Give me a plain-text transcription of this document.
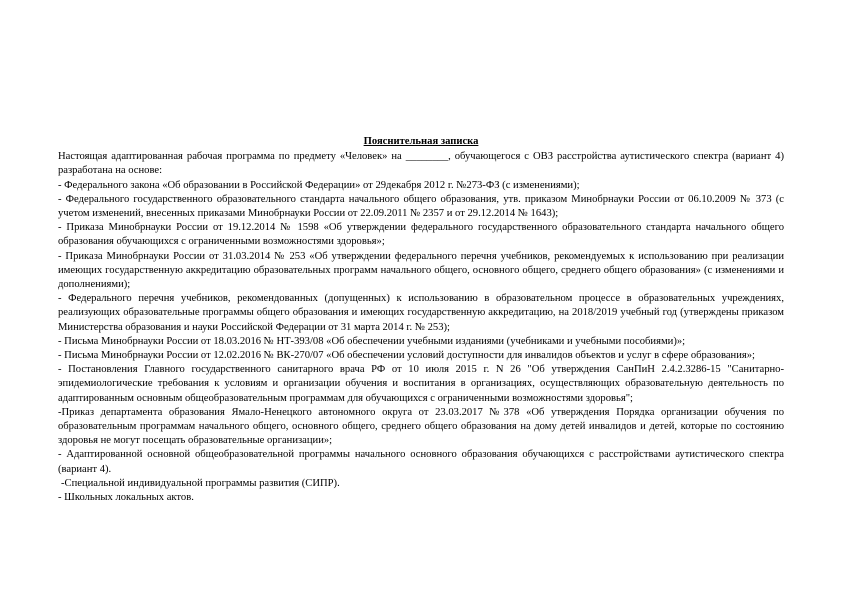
Пояснительная записка

Настоящая адаптированная рабочая программа по предмету «Человек» на ________, обучающегося с ОВЗ расстройства аутистического спектра (вариант 4) разработана на основе:

- Федерального закона «Об образовании в Российской Федерации» от 29декабря 2012 г. №273-ФЗ (с изменениями);

- Федерального государственного образовательного стандарта начального общего образования, утв. приказом Минобрнауки России от 06.10.2009 № 373 (с учетом изменений, внесенных приказами Минобрнауки России от 22.09.2011 № 2357 и от 29.12.2014 № 1643);

- Приказа Минобрнауки России от 19.12.2014 № 1598 «Об утверждении федерального государственного образовательного стандарта начального общего образования обучающихся с ограниченными возможностями здоровья»;

- Приказа Минобрнауки России от 31.03.2014 № 253 «Об утверждении федерального перечня учебников, рекомендуемых к использованию при реализации имеющих государственную аккредитацию образовательных программ начального общего, основного общего, среднего общего образования» (с изменениями и дополнениями);

- Федерального перечня учебников, рекомендованных (допущенных) к использованию в образовательном процессе в образовательных учреждениях, реализующих образовательные программы общего образования и имеющих государственную аккредитацию, на 2018/2019 учебный год (утверждены приказом Министерства образования и науки Российской Федерации от 31 марта 2014 г. № 253);

- Письма Минобрнауки России от 18.03.2016 № НТ-393/08 «Об обеспечении учебными изданиями (учебниками и учебными пособиями)»;

- Письма Минобрнауки России от 12.02.2016 № ВК-270/07 «Об обеспечении условий доступности для инвалидов объектов и услуг в сфере образования»;

- Постановления Главного государственного санитарного врача РФ от 10 июля 2015 г. N 26 "Об утверждения СанПиН 2.4.2.3286-15 "Санитарно-эпидемиологические требования к условиям и организации обучения и воспитания в организациях, осуществляющих образовательную деятельность по адаптированным основным общеобразовательным программам для обучающихся с ограниченными возможностями здоровья";

-Приказ департамента образования Ямало-Ненецкого автономного округа от 23.03.2017 №378 «Об утверждения Порядка организации обучения по образовательным программам начального общего, основного общего, среднего общего образования на дому детей инвалидов и детей, которые по состоянию здоровья не могут посещать образовательные организации»;

- Адаптированной основной общеобразовательной программы начального основного образования обучающихся с расстройствами аутистического спектра (вариант 4).

-Специальной индивидуальной программы развития (СИПР).

- Школьных локальных актов.
